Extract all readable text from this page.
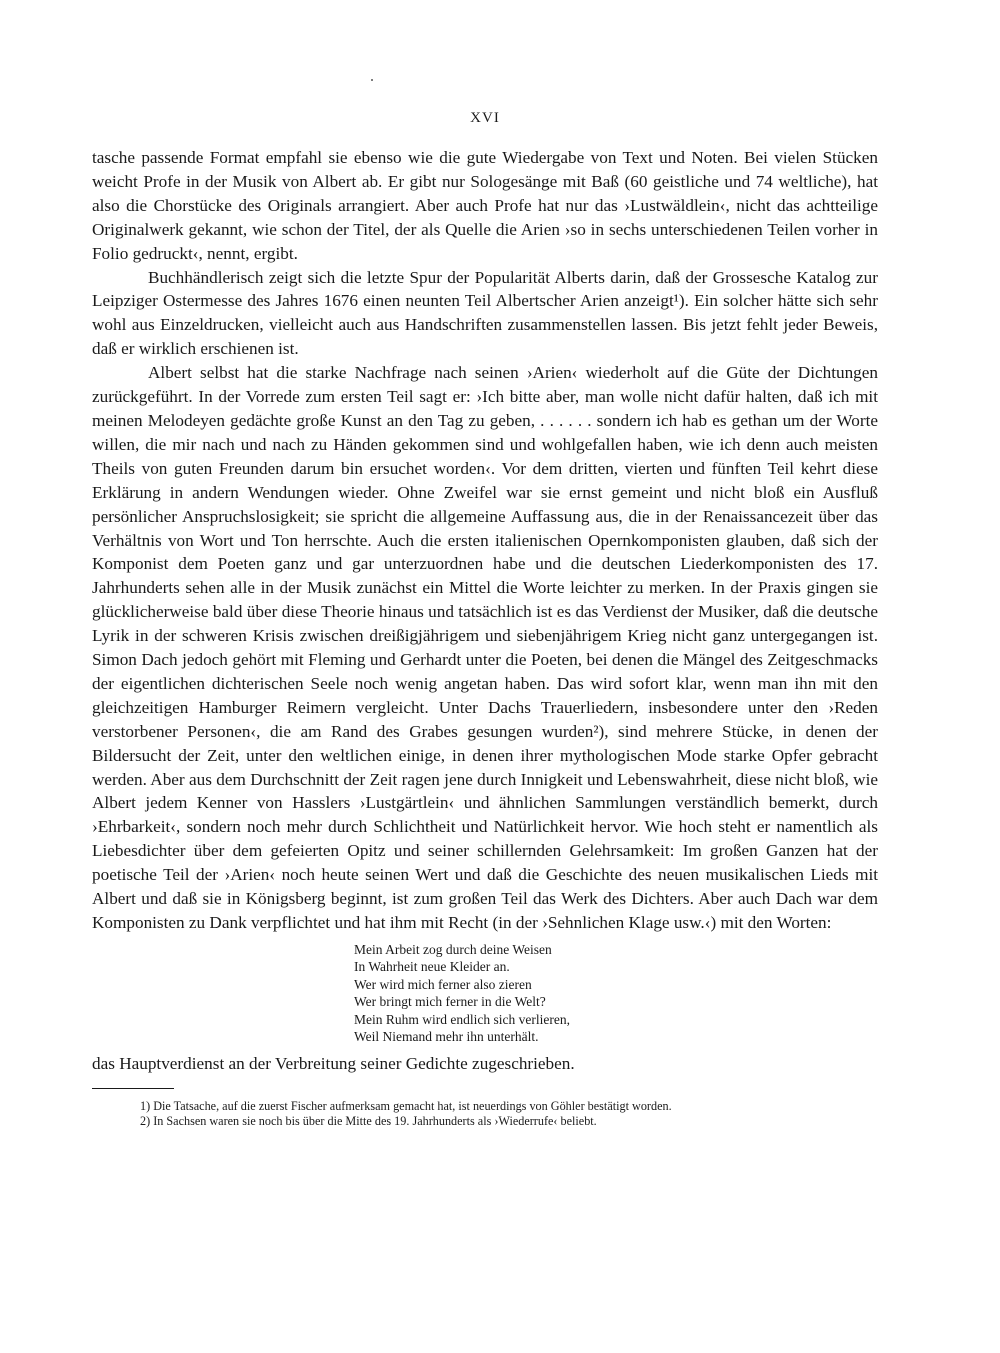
XVI

tasche passende Format empfahl sie ebenso wie die gute Wiedergabe von Text und Noten. Bei vielen Stücken weicht Profe in der Musik von Albert ab. Er gibt nur Sologesänge mit Baß (60 geistliche und 74 weltliche), hat also die Chorstücke des Originals arrangiert. Aber auch Profe hat nur das ›Lustwäldlein‹, nicht das achtteilige Originalwerk gekannt, wie schon der Titel, der als Quelle die Arien ›so in sechs unterschiedenen Teilen vorher in Folio gedruckt‹, nennt, ergibt.

Buchhändlerisch zeigt sich die letzte Spur der Popularität Alberts darin, daß der Grossesche Katalog zur Leipziger Ostermesse des Jahres 1676 einen neunten Teil Albertscher Arien anzeigt¹). Ein solcher hätte sich sehr wohl aus Einzeldrucken, vielleicht auch aus Handschriften zusammenstellen lassen. Bis jetzt fehlt jeder Beweis, daß er wirklich erschienen ist.

Albert selbst hat die starke Nachfrage nach seinen ›Arien‹ wiederholt auf die Güte der Dichtungen zurückgeführt. In der Vorrede zum ersten Teil sagt er: ›Ich bitte aber, man wolle nicht dafür halten, daß ich mit meinen Melodeyen gedächte große Kunst an den Tag zu geben, . . . . . . sondern ich hab es gethan um der Worte willen, die mir nach und nach zu Händen gekommen sind und wohlgefallen haben, wie ich denn auch meisten Theils von guten Freunden darum bin ersuchet worden‹. Vor dem dritten, vierten und fünften Teil kehrt diese Erklärung in andern Wendungen wieder. Ohne Zweifel war sie ernst gemeint und nicht bloß ein Ausfluß persönlicher Anspruchslosigkeit; sie spricht die allgemeine Auffassung aus, die in der Renaissancezeit über das Verhältnis von Wort und Ton herrschte. Auch die ersten italienischen Opernkomponisten glauben, daß sich der Komponist dem Poeten ganz und gar unterzuordnen habe und die deutschen Liederkomponisten des 17. Jahrhunderts sehen alle in der Musik zunächst ein Mittel die Worte leichter zu merken. In der Praxis gingen sie glücklicherweise bald über diese Theorie hinaus und tatsächlich ist es das Verdienst der Musiker, daß die deutsche Lyrik in der schweren Krisis zwischen dreißigjährigem und siebenjährigem Krieg nicht ganz untergegangen ist. Simon Dach jedoch gehört mit Fleming und Gerhardt unter die Poeten, bei denen die Mängel des Zeitgeschmacks der eigentlichen dichterischen Seele noch wenig angetan haben. Das wird sofort klar, wenn man ihn mit den gleichzeitigen Hamburger Reimern vergleicht. Unter Dachs Trauerliedern, insbesondere unter den ›Reden verstorbener Personen‹, die am Rand des Grabes gesungen wurden²), sind mehrere Stücke, in denen der Bildersucht der Zeit, unter den weltlichen einige, in denen ihrer mythologischen Mode starke Opfer gebracht werden. Aber aus dem Durchschnitt der Zeit ragen jene durch Innigkeit und Lebenswahrheit, diese nicht bloß, wie Albert jedem Kenner von Hasslers ›Lustgärtlein‹ und ähnlichen Sammlungen verständlich bemerkt, durch ›Ehrbarkeit‹, sondern noch mehr durch Schlichtheit und Natürlichkeit hervor. Wie hoch steht er namentlich als Liebesdichter über dem gefeierten Opitz und seiner schillernden Gelehrsamkeit: Im großen Ganzen hat der poetische Teil der ›Arien‹ noch heute seinen Wert und daß die Geschichte des neuen musikalischen Lieds mit Albert und daß sie in Königsberg beginnt, ist zum großen Teil das Werk des Dichters. Aber auch Dach war dem Komponisten zu Dank verpflichtet und hat ihm mit Recht (in der ›Sehnlichen Klage usw.‹) mit den Worten:

Mein Arbeit zog durch deine Weisen
In Wahrheit neue Kleider an.
Wer wird mich ferner also zieren
Wer bringt mich ferner in die Welt?
Mein Ruhm wird endlich sich verlieren,
Weil Niemand mehr ihn unterhält.
das Hauptverdienst an der Verbreitung seiner Gedichte zugeschrieben.
1) Die Tatsache, auf die zuerst Fischer aufmerksam gemacht hat, ist neuerdings von Göhler bestätigt worden.
2) In Sachsen waren sie noch bis über die Mitte des 19. Jahrhunderts als ›Wiederrufe‹ beliebt.
